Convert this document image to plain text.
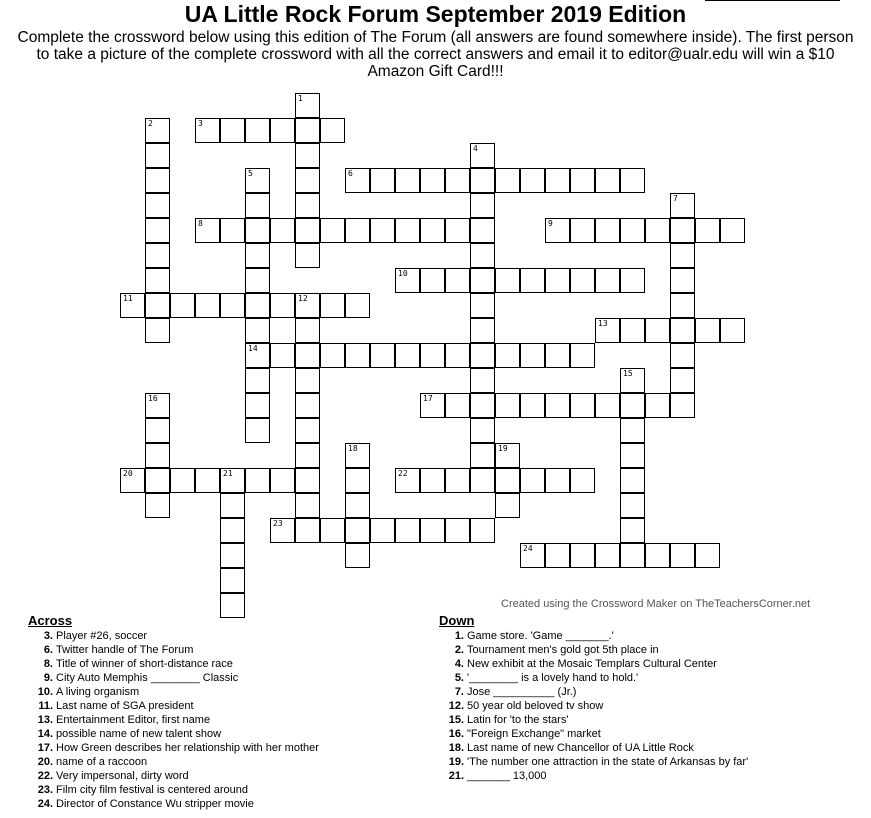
UA Little Rock Forum September 2019 Edition
Complete the crossword below using this edition of The Forum (all answers are found somewhere inside). The first person to take a picture of the complete crossword with all the correct answers and email it to editor@ualr.edu will win a $10 Amazon Gift Card!!!
1
2	3
4
5
14
6
7
8	9
10
11	12
13
15
16	17
18	19
20	21	22
23
24
Created using the Crossword Maker on TheTeachersCorner.net
Across
3. Player #26, soccer
6. Twitter handle of The Forum
8. Title of winner of short-distance race
9. City Auto Memphis ________ Classic
10. A living organism
11. Last name of SGA president
13. Entertainment Editor, first name
14. possible name of new talent show
17. How Green describes her relationship with her mother
20. name of a raccoon
22. Very impersonal, dirty word
23. Film city film festival is centered around
24. Director of Constance Wu stripper movie
Down
1. Game store. 'Game _______.'
2. Tournament men's gold got 5th place in
4. New exhibit at the Mosaic Templars Cultural Center
5. '________ is a lovely hand to hold.'
7. Jose __________ (Jr.)
12. 50 year old beloved tv show
15. Latin for 'to the stars'
16. "Foreign Exchange" market
18. Last name of new Chancellor of UA Little Rock
19. 'The number one attraction in the state of Arkansas by far'
21. _______ 13,000
